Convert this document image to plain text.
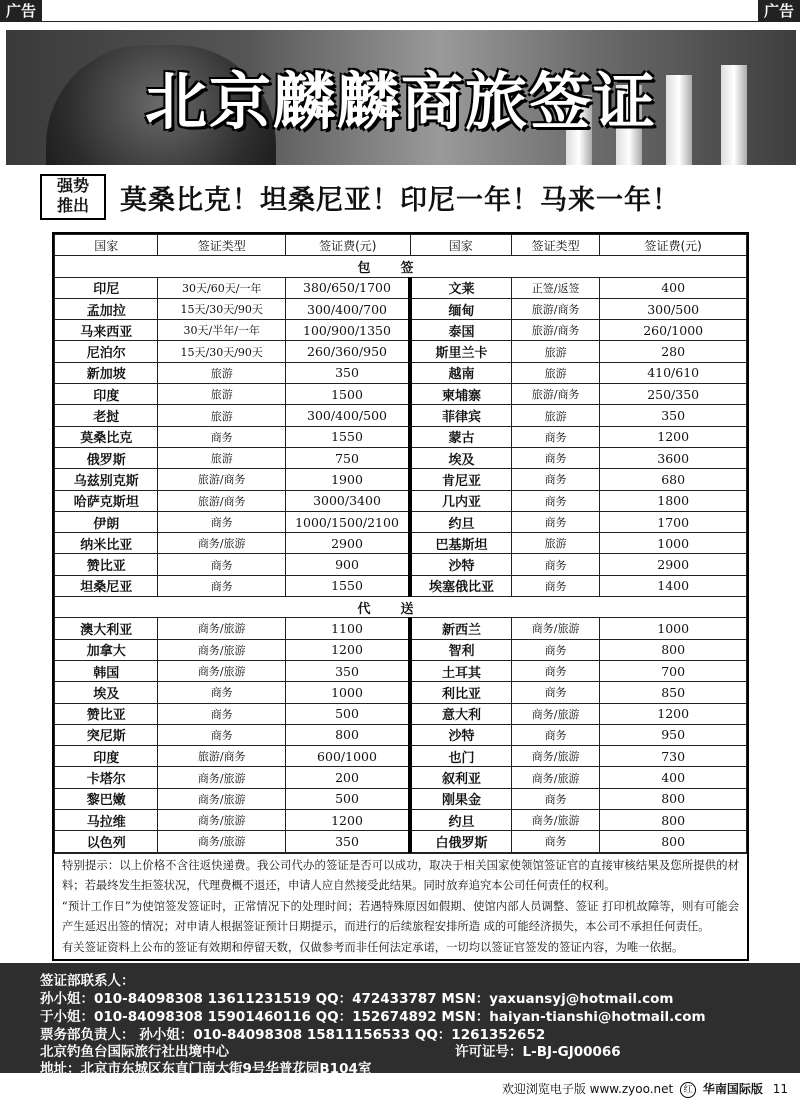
广告	广告
北京麟麟商旅签证
强势
推出	莫桑比克！坦桑尼亚！印尼一年！马来一年！
国家	签证类型	签证费(元)	国家	签证类型	签证费(元)
包签					
印尼	30天/60天/一年	380/650/1700	文莱	正签/返签	400
孟加拉	15天/30天/90天	300/400/700	缅甸	旅游/商务	300/500
马来西亚	30天/半年/一年	100/900/1350	泰国	旅游/商务	260/1000
尼泊尔	15天/30天/90天	260/360/950	斯里兰卡	旅游	280
新加坡	旅游	350	越南	旅游	410/610
印度	旅游	1500	柬埔寨	旅游/商务	250/350
老挝	旅游	300/400/500	菲律宾	旅游	350
莫桑比克	商务	1550	蒙古	商务	1200
俄罗斯	旅游	750	埃及	商务	3600
乌兹别克斯	旅游/商务	1900	肯尼亚	商务	680
哈萨克斯坦	旅游/商务	3000/3400	几内亚	商务	1800
伊朗	商务	1000/1500/2100	约旦	商务	1700
纳米比亚	商务/旅游	2900	巴基斯坦	旅游	1000
赞比亚	商务	900	沙特	商务	2900
坦桑尼亚	商务	1550	埃塞俄比亚	商务	1400
代送					
澳大利亚	商务/旅游	1100	新西兰	商务/旅游	1000
加拿大	商务/旅游	1200	智利	商务	800
韩国	商务/旅游	350	土耳其	商务	700
埃及	商务	1000	利比亚	商务	850
赞比亚	商务	500	意大利	商务/旅游	1200
突尼斯	商务	800	沙特	商务	950
印度	旅游/商务	600/1000	也门	商务/旅游	730
卡塔尔	商务/旅游	200	叙利亚	商务/旅游	400
黎巴嫩	商务/旅游	500	刚果金	商务	800
马拉维	商务/旅游	1200	约旦	商务/旅游	800
以色列	商务/旅游	350	白俄罗斯	商务	800

特别提示：以上价格不含往返快递费。我公司代办的签证是否可以成功，取决于相关国家使领馆签证官的直接审核结果及您所提供的材料；若最终发生拒签状况，代理费概不退还，申请人应自然接受此结果。同时放弃追究本公司任何责任的权利。

“预计工作日”为使馆签发签证时，正常情况下的处理时间；若遇特殊原因如假期、使馆内部人员调整、签证 打印机故障等，则有可能会产生延迟出签的情况；对申请人根据签证预计日期提示，而进行的后续旅程安排所造 成的可能经济损失，本公司不承担任何责任。

有关签证资料上公布的签证有效期和停留天数，仅做参考而非任何法定承诺，一切均以签证官签发的签证内容，为唯一依据。

签证部联系人：
孙小姐：010-84098308 13611231519 QQ：472433787 MSN：yaxuansyj@hotmail.com
于小姐：010-84098308 15901460116 QQ：152674892 MSN：haiyan-tianshi@hotmail.com
票务部负责人： 孙小姐：010-84098308 15811156533 QQ：1261352652
北京钓鱼台国际旅行社出境中心	许可证号：L-BJ-GJ00066
地址：北京市东城区东直门南大街9号华普花园B104室
欢迎浏览电子版 www.zyoo.net 红 华南国际版 11
